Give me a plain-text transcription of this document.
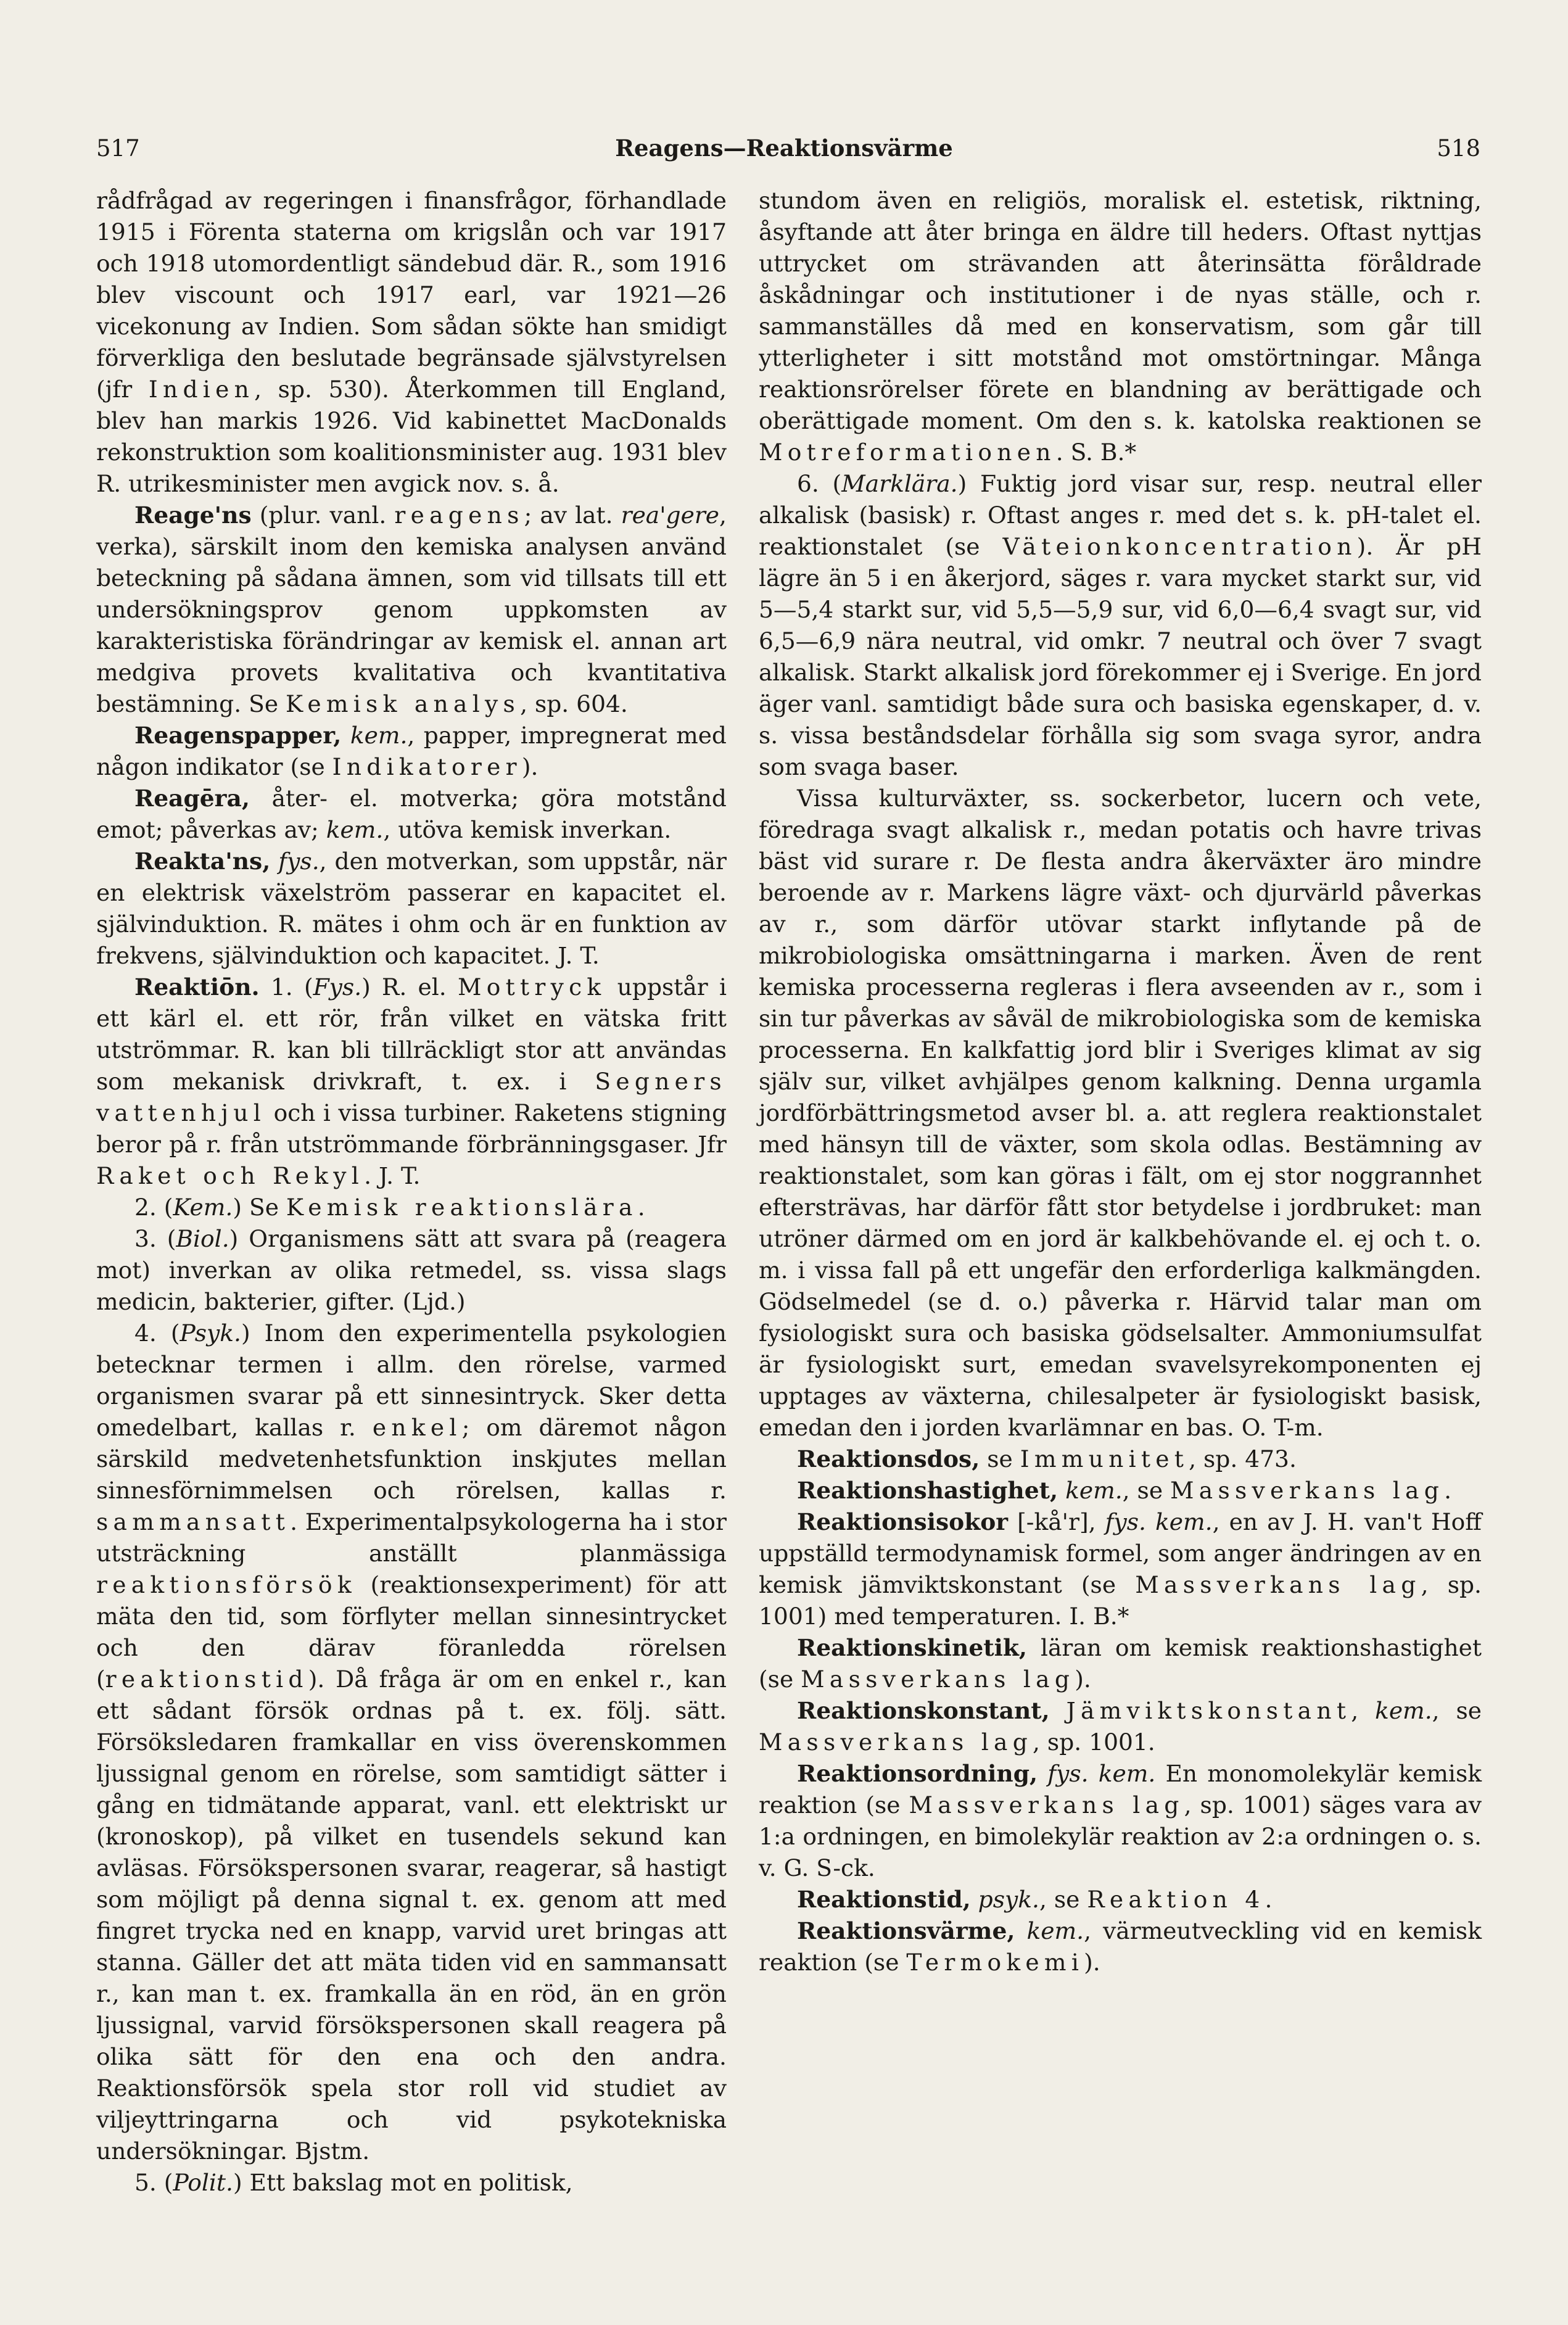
517	Reagens—Reaktionsvärme	518

rådfrågad av regeringen i finansfrågor, förhandlade 1915 i Förenta staterna om krigslån och var 1917 och 1918 utomordentligt sändebud där. R., som 1916 blev viscount och 1917 earl, var 1921—26 vicekonung av Indien. Som sådan sökte han smidigt förverkliga den beslutade begränsade självstyrelsen (jfr Indien, sp. 530). Återkommen till England, blev han markis 1926. Vid kabinettet MacDonalds rekonstruktion som koalitionsminister aug. 1931 blev R. utrikesminister men avgick nov. s. å.

Reage'ns (plur. vanl. reagens; av lat. rea'gere, verka), särskilt inom den kemiska analysen använd beteckning på sådana ämnen, som vid tillsats till ett undersökningsprov genom uppkomsten av karakteristiska förändringar av kemisk el. annan art medgiva provets kvalitativa och kvantitativa bestämning. Se Kemisk analys, sp. 604.

Reagenspapper, kem., papper, impregnerat med någon indikator (se Indikatorer).

Reagēra, åter- el. motverka; göra motstånd emot; påverkas av; kem., utöva kemisk inverkan.

Reakta'ns, fys., den motverkan, som uppstår, när en elektrisk växelström passerar en kapacitet el. självinduktion. R. mätes i ohm och är en funktion av frekvens, självinduktion och kapacitet. J. T.

Reaktiōn. 1. (Fys.) R. el. Mottryck uppstår i ett kärl el. ett rör, från vilket en vätska fritt utströmmar. R. kan bli tillräckligt stor att användas som mekanisk drivkraft, t. ex. i Segners vattenhjul och i vissa turbiner. Raketens stigning beror på r. från utströmmande förbränningsgaser. Jfr Raket och Rekyl. J. T.

2. (Kem.) Se Kemisk reaktionslära.

3. (Biol.) Organismens sätt att svara på (reagera mot) inverkan av olika retmedel, ss. vissa slags medicin, bakterier, gifter. (Ljd.)

4. (Psyk.) Inom den experimentella psykologien betecknar termen i allm. den rörelse, varmed organismen svarar på ett sinnesintryck. Sker detta omedelbart, kallas r. enkel; om däremot någon särskild medvetenhetsfunktion inskjutes mellan sinnesförnimmelsen och rörelsen, kallas r. sammansatt. Experimentalpsykologerna ha i stor utsträckning anställt planmässiga reaktionsförsök (reaktionsexperiment) för att mäta den tid, som förflyter mellan sinnesintrycket och den därav föranledda rörelsen (reaktionstid). Då fråga är om en enkel r., kan ett sådant försök ordnas på t. ex. följ. sätt. Försöksledaren framkallar en viss överenskommen ljussignal genom en rörelse, som samtidigt sätter i gång en tidmätande apparat, vanl. ett elektriskt ur (kronoskop), på vilket en tusendels sekund kan avläsas. Försökspersonen svarar, reagerar, så hastigt som möjligt på denna signal t. ex. genom att med fingret trycka ned en knapp, varvid uret bringas att stanna. Gäller det att mäta tiden vid en sammansatt r., kan man t. ex. framkalla än en röd, än en grön ljussignal, varvid försökspersonen skall reagera på olika sätt för den ena och den andra. Reaktionsförsök spela stor roll vid studiet av viljeyttringarna och vid psykotekniska undersökningar. Bjstm.

5. (Polit.) Ett bakslag mot en politisk,

stundom även en religiös, moralisk el. estetisk, riktning, åsyftande att åter bringa en äldre till heders. Oftast nyttjas uttrycket om strävanden att återinsätta föråldrade åskådningar och institutioner i de nyas ställe, och r. sammanställes då med en konservatism, som går till ytterligheter i sitt motstånd mot omstörtningar. Många reaktionsrörelser förete en blandning av berättigade och oberättigade moment. Om den s. k. katolska reaktionen se Motreformationen. S. B.*

6. (Marklära.) Fuktig jord visar sur, resp. neutral eller alkalisk (basisk) r. Oftast anges r. med det s. k. pH-talet el. reaktionstalet (se Väteionkoncentration). Är pH lägre än 5 i en åkerjord, säges r. vara mycket starkt sur, vid 5—5,4 starkt sur, vid 5,5—5,9 sur, vid 6,0—6,4 svagt sur, vid 6,5—6,9 nära neutral, vid omkr. 7 neutral och över 7 svagt alkalisk. Starkt alkalisk jord förekommer ej i Sverige. En jord äger vanl. samtidigt både sura och basiska egenskaper, d. v. s. vissa beståndsdelar förhålla sig som svaga syror, andra som svaga baser.

Vissa kulturväxter, ss. sockerbetor, lucern och vete, föredraga svagt alkalisk r., medan potatis och havre trivas bäst vid surare r. De flesta andra åkerväxter äro mindre beroende av r. Markens lägre växt- och djurvärld påverkas av r., som därför utövar starkt inflytande på de mikrobiologiska omsättningarna i marken. Även de rent kemiska processerna regleras i flera avseenden av r., som i sin tur påverkas av såväl de mikrobiologiska som de kemiska processerna. En kalkfattig jord blir i Sveriges klimat av sig själv sur, vilket avhjälpes genom kalkning. Denna urgamla jordförbättringsmetod avser bl. a. att reglera reaktionstalet med hänsyn till de växter, som skola odlas. Bestämning av reaktionstalet, som kan göras i fält, om ej stor noggrannhet eftersträvas, har därför fått stor betydelse i jordbruket: man utröner därmed om en jord är kalkbehövande el. ej och t. o. m. i vissa fall på ett ungefär den erforderliga kalkmängden. Gödselmedel (se d. o.) påverka r. Härvid talar man om fysiologiskt sura och basiska gödselsalter. Ammoniumsulfat är fysiologiskt surt, emedan svavelsyrekomponenten ej upptages av växterna, chilesalpeter är fysiologiskt basisk, emedan den i jorden kvarlämnar en bas. O. T-m.

Reaktionsdos, se Immunitet, sp. 473.

Reaktionshastighet, kem., se Massverkans lag.

Reaktionsisokor [-kå'r], fys. kem., en av J. H. van't Hoff uppställd termodynamisk formel, som anger ändringen av en kemisk jämviktskonstant (se Massverkans lag, sp. 1001) med temperaturen. I. B.*

Reaktionskinetik, läran om kemisk reaktionshastighet (se Massverkans lag).

Reaktionskonstant, Jämviktskonstant, kem., se Massverkans lag, sp. 1001.

Reaktionsordning, fys. kem. En monomolekylär kemisk reaktion (se Massverkans lag, sp. 1001) säges vara av 1:a ordningen, en bimolekylär reaktion av 2:a ordningen o. s. v. G. S-ck.

Reaktionstid, psyk., se Reaktion 4.

Reaktionsvärme, kem., värmeutveckling vid en kemisk reaktion (se Termokemi).
